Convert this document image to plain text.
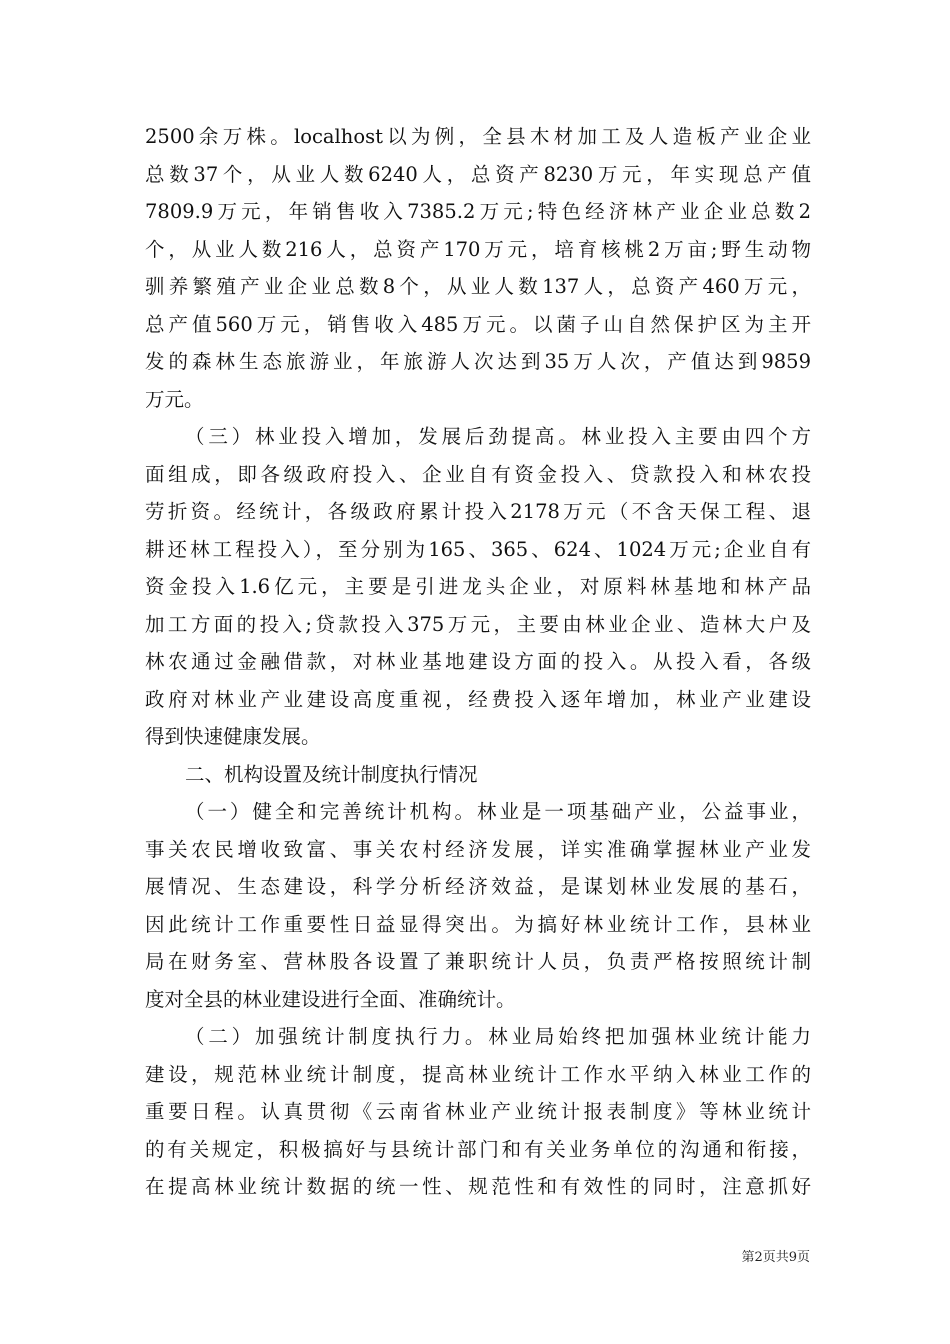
2500余万株。localhost以为例，全县木材加工及人造板产业企业
总数37个，从业人数6240人，总资产8230万元，年实现总产值
7809.9万元，年销售收入7385.2万元;特色经济林产业企业总数2
个，从业人数216人，总资产170万元，培育核桃2万亩;野生动物
驯养繁殖产业企业总数8个，从业人数137人，总资产460万元，
总产值560万元，销售收入485万元。以菌子山自然保护区为主开
发的森林生态旅游业，年旅游人次达到35万人次，产值达到9859
万元。
（三）林业投入增加，发展后劲提高。林业投入主要由四个方
面组成，即各级政府投入、企业自有资金投入、贷款投入和林农投
劳折资。经统计，各级政府累计投入2178万元（不含天保工程、退
耕还林工程投入），至分别为165、365、624、1024万元;企业自有
资金投入1.6亿元，主要是引进龙头企业，对原料林基地和林产品
加工方面的投入;贷款投入375万元，主要由林业企业、造林大户及
林农通过金融借款，对林业基地建设方面的投入。从投入看，各级
政府对林业产业建设高度重视，经费投入逐年增加，林业产业建设
得到快速健康发展。
二、机构设置及统计制度执行情况
（一）健全和完善统计机构。林业是一项基础产业，公益事业，
事关农民增收致富、事关农村经济发展，详实准确掌握林业产业发
展情况、生态建设，科学分析经济效益，是谋划林业发展的基石，
因此统计工作重要性日益显得突出。为搞好林业统计工作，县林业
局在财务室、营林股各设置了兼职统计人员，负责严格按照统计制
度对全县的林业建设进行全面、准确统计。
（二）加强统计制度执行力。林业局始终把加强林业统计能力
建设，规范林业统计制度，提高林业统计工作水平纳入林业工作的
重要日程。认真贯彻《云南省林业产业统计报表制度》等林业统计
的有关规定，积极搞好与县统计部门和有关业务单位的沟通和衔接，
在提高林业统计数据的统一性、规范性和有效性的同时，注意抓好
第2页共9页
